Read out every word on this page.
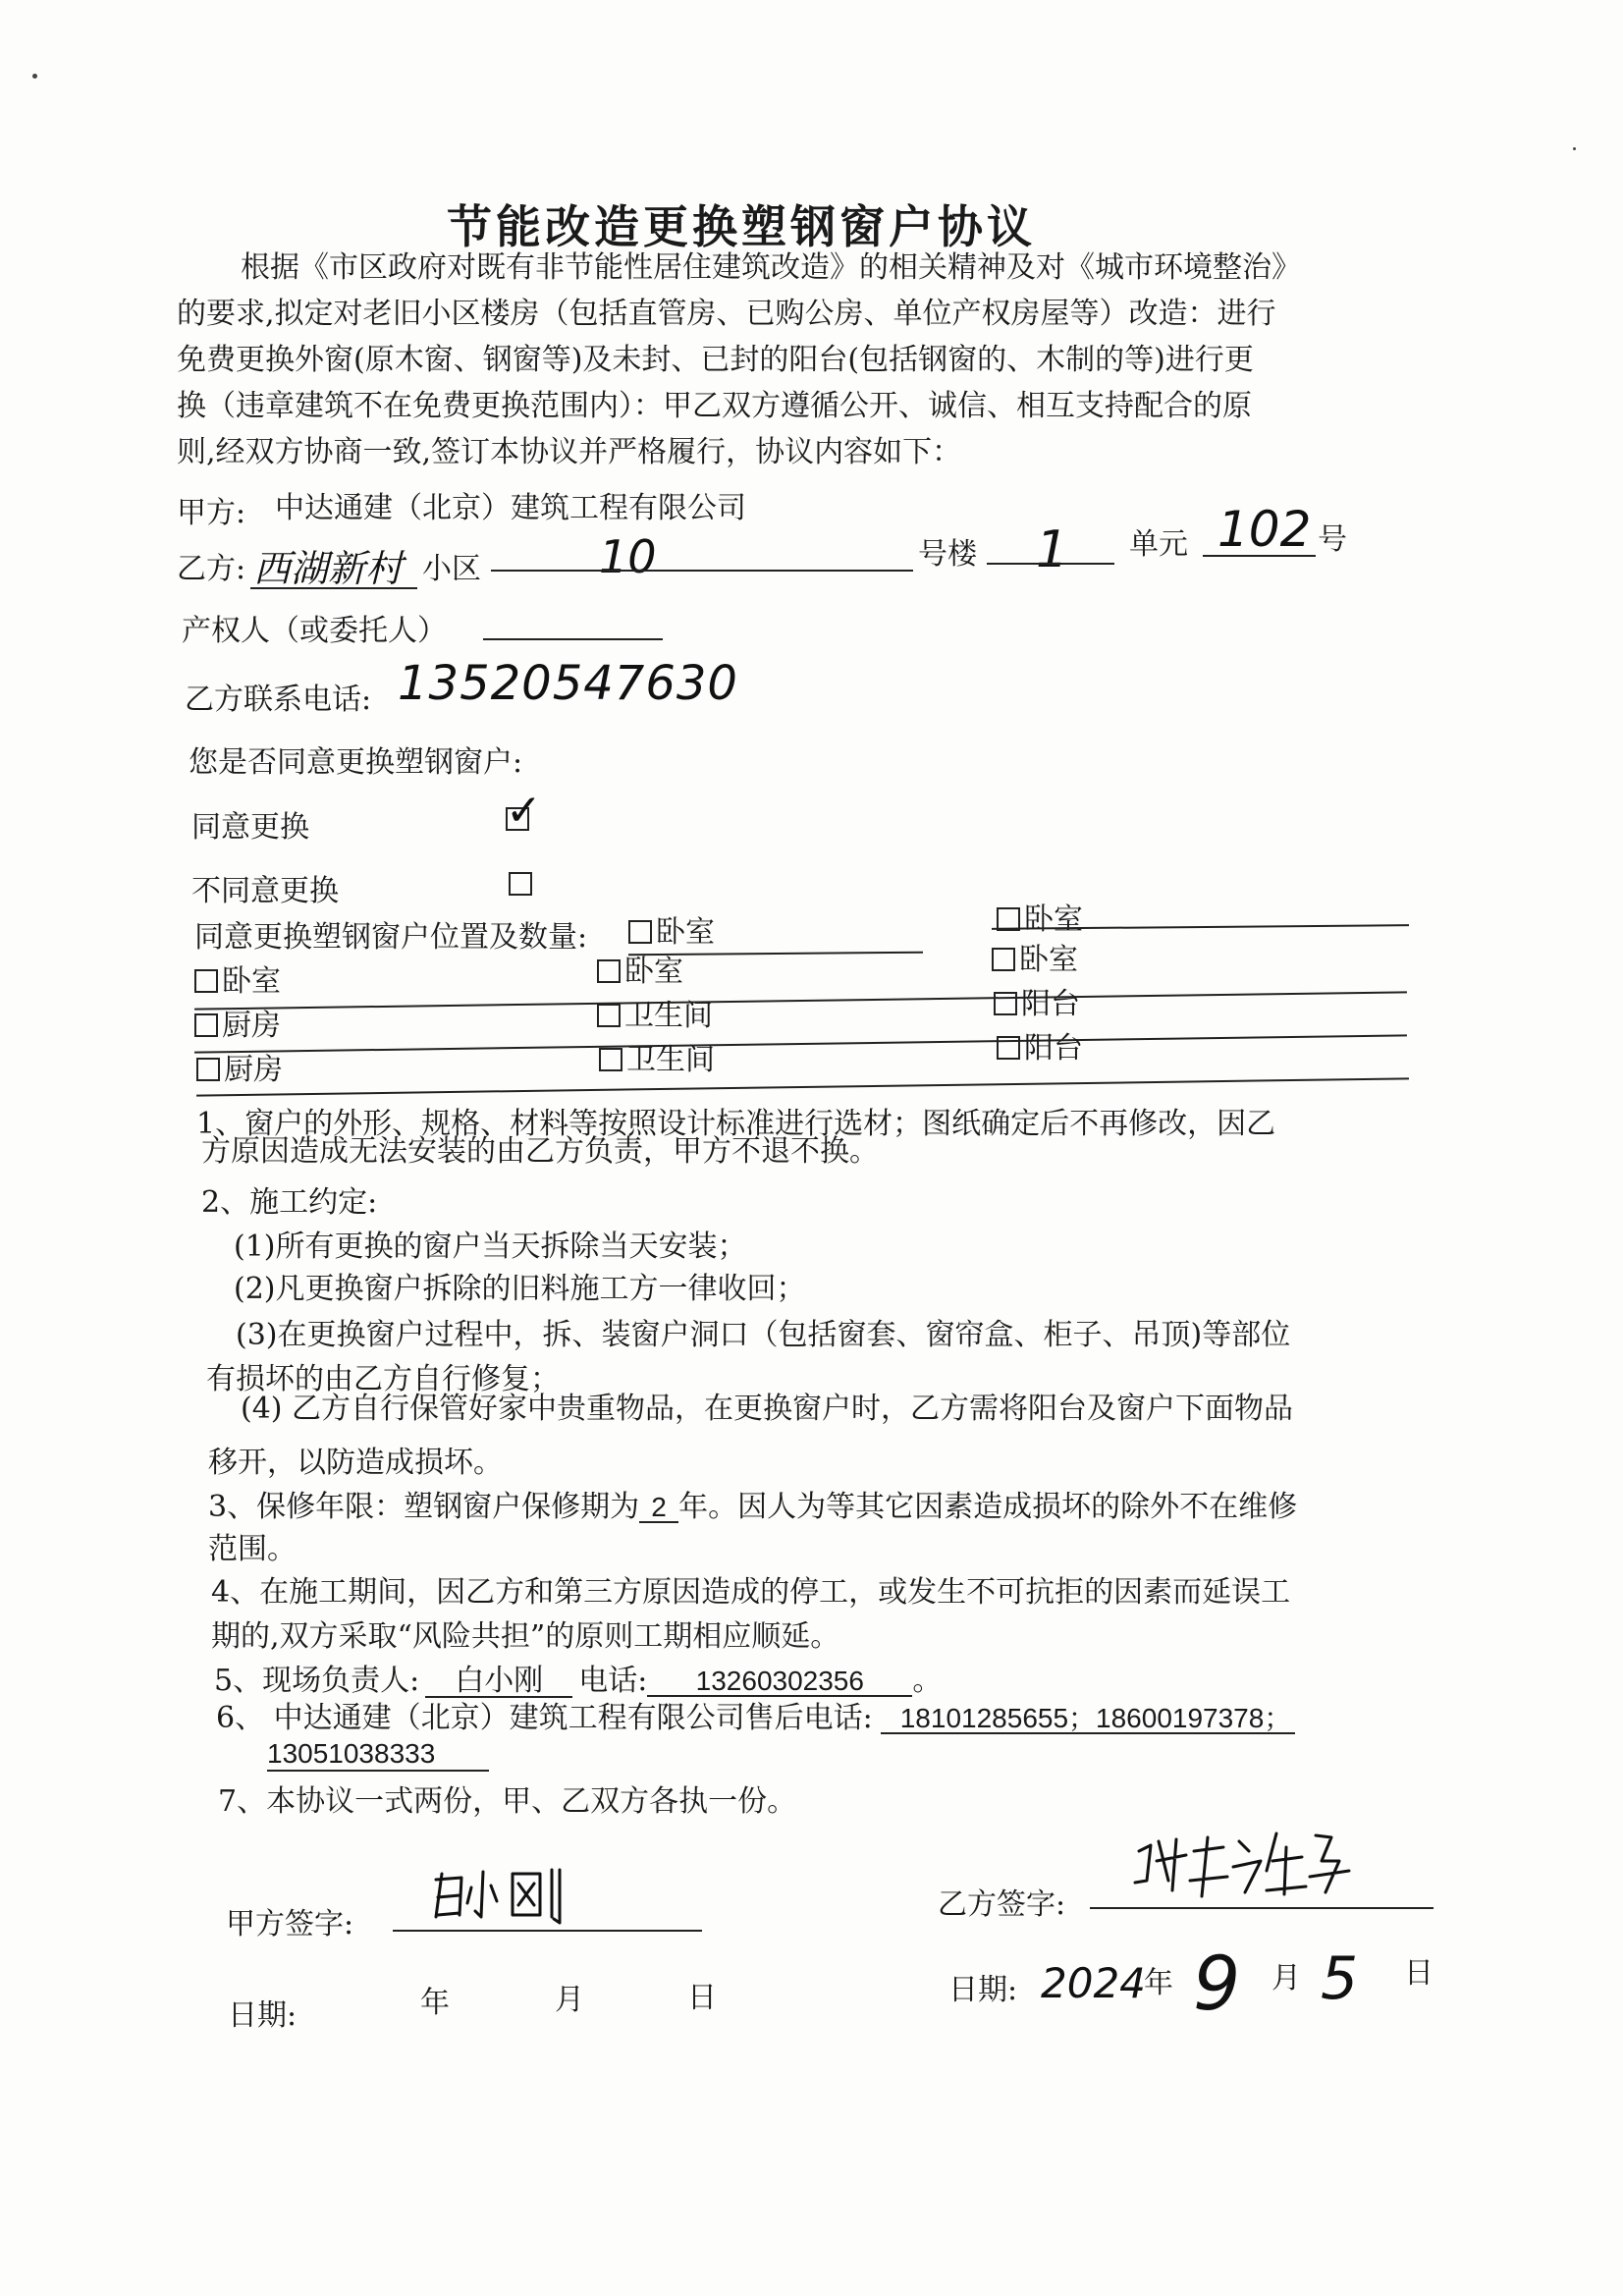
节能改造更换塑钢窗户协议
根据《市区政府对既有非节能性居住建筑改造》的相关精神及对《城市环境整治》
的要求,拟定对老旧小区楼房（包括直管房、已购公房、单位产权房屋等）改造：进行
免费更换外窗(原木窗、钢窗等)及未封、已封的阳台(包括钢窗的、木制的等)进行更
换（违章建筑不在免费更换范围内）：甲乙双方遵循公开、诚信、相互支持配合的原
则,经双方协商一致,签订本协议并严格履行，协议内容如下：
甲方: 中达通建（北京）建筑工程有限公司
乙方: 西湖新村 小区	10	号楼 1 单元 102 号
产权人（或委托人）
乙方联系电话: 13520547630
您是否同意更换塑钢窗户:
同意更换	✓
不同意更换
同意更换塑钢窗户位置及数量:	卧室	卧室
卧室	卧室	卧室
厨房	卫生间	阳台
厨房	卫生间	阳台
1、窗户的外形、规格、材料等按照设计标准进行选材；图纸确定后不再修改，因乙
方原因造成无法安装的由乙方负责，甲方不退不换。
2、施工约定:
(1)所有更换的窗户当天拆除当天安装；
(2)凡更换窗户拆除的旧料施工方一律收回；
(3)在更换窗户过程中，拆、装窗户洞口（包括窗套、窗帘盒、柜子、吊顶)等部位
有损坏的由乙方自行修复；
(4) 乙方自行保管好家中贵重物品，在更换窗户时，乙方需将阳台及窗户下面物品
移开，以防造成损坏。
3、保修年限：塑钢窗户保修期为 2 年。因人为等其它因素造成损坏的除外不在维修
范围。
4、在施工期间，因乙方和第三方原因造成的停工，或发生不可抗拒的因素而延误工
期的,双方采取“风险共担”的原则工期相应顺延。
5、现场负责人: 白小刚 电话: 13260302356 。
6、 中达通建（北京）建筑工程有限公司售后电话: 18101285655；18600197378；
13051038333
7、本协议一式两份，甲、乙双方各执一份。
甲方签字:
乙方签字:
日期:	年	月	日	日期: 2024
年 9 月 5 日
